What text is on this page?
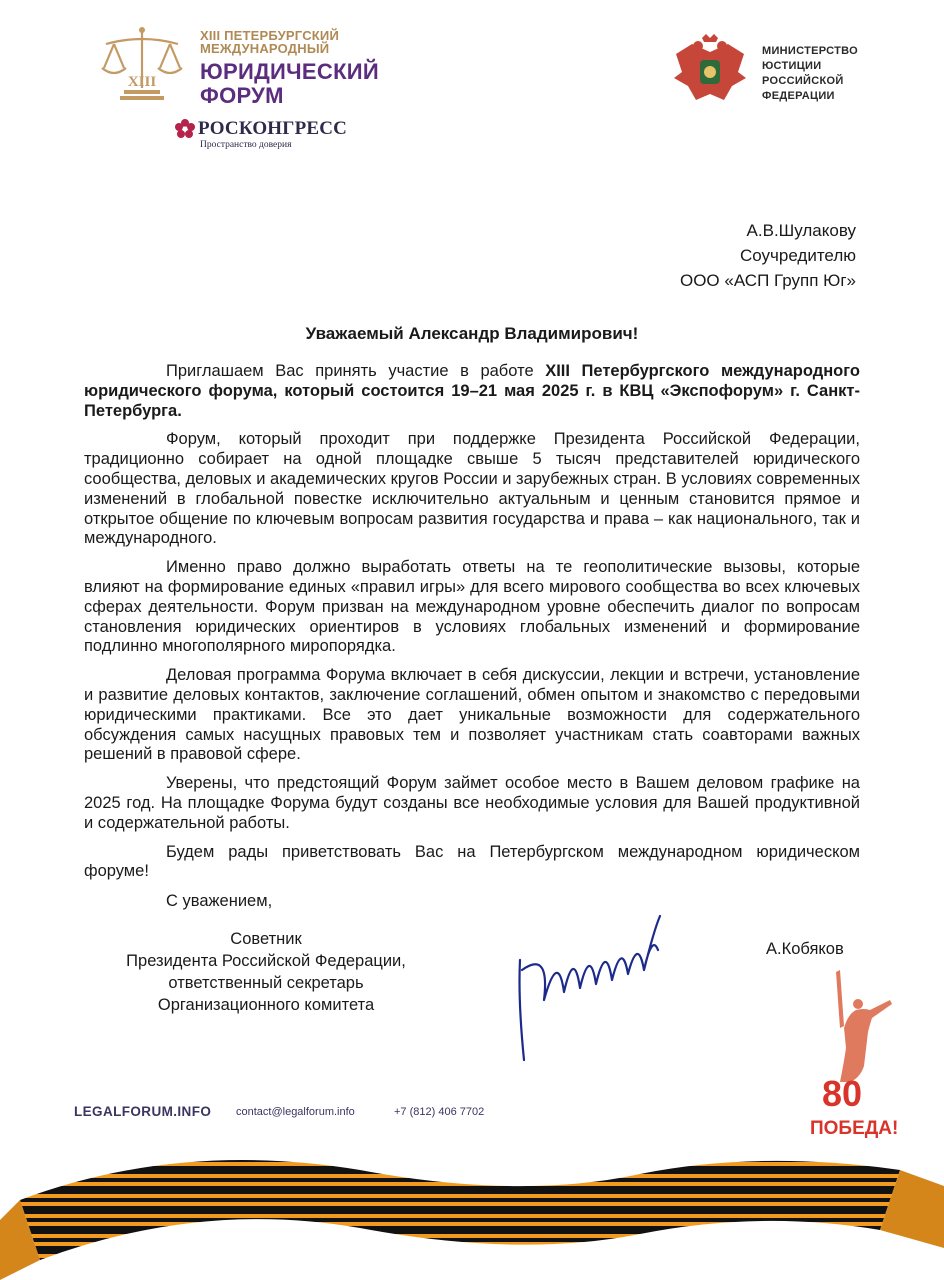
XIII
XIII ПЕТЕРБУРГСКИЙ
МЕЖДУНАРОДНЫЙ
ЮРИДИЧЕСКИЙ
ФОРУМ
РОСКОНГРЕСС
Пространство доверия
МИНИСТЕРСТВО
ЮСТИЦИИ
РОССИЙСКОЙ
ФЕДЕРАЦИИ
А.В.Шулакову
Соучредителю
ООО «АСП Групп Юг»
Уважаемый Александр Владимирович!

Приглашаем Вас принять участие в работе XIII Петербургского международного юридического форума, который состоится 19–21 мая 2025 г. в КВЦ «Экспофорум» г. Санкт-Петербурга.

Форум, который проходит при поддержке Президента Российской Федерации, традиционно собирает на одной площадке свыше 5 тысяч представителей юридического сообщества, деловых и академических кругов России и зарубежных стран. В условиях современных изменений в глобальной повестке исключительно актуальным и ценным становится прямое и открытое общение по ключевым вопросам развития государства и права – как национального, так и международного.

Именно право должно выработать ответы на те геополитические вызовы, которые влияют на формирование единых «правил игры» для всего мирового сообщества во всех ключевых сферах деятельности. Форум призван на международном уровне обеспечить диалог по вопросам становления юридических ориентиров в условиях глобальных изменений и формирование подлинно многополярного миропорядка.

Деловая программа Форума включает в себя дискуссии, лекции и встречи, установление и развитие деловых контактов, заключение соглашений, обмен опытом и знакомство с передовыми юридическими практиками. Все это дает уникальные возможности для содержательного обсуждения самых насущных правовых тем и позволяет участникам стать соавторами важных решений в правовой сфере.

Уверены, что предстоящий Форум займет особое место в Вашем деловом графике на 2025 год. На площадке Форума будут созданы все необходимые условия для Вашей продуктивной и содержательной работы.

Будем рады приветствовать Вас на Петербургском международном юридическом форуме!

С уважением,
Советник
Президента Российской Федерации,
ответственный секретарь
Организационного комитета
А.Кобяков
LEGALFORUM.INFO contact@legalforum.info	+7 (812) 406 7702	80
ПОБЕДА!
